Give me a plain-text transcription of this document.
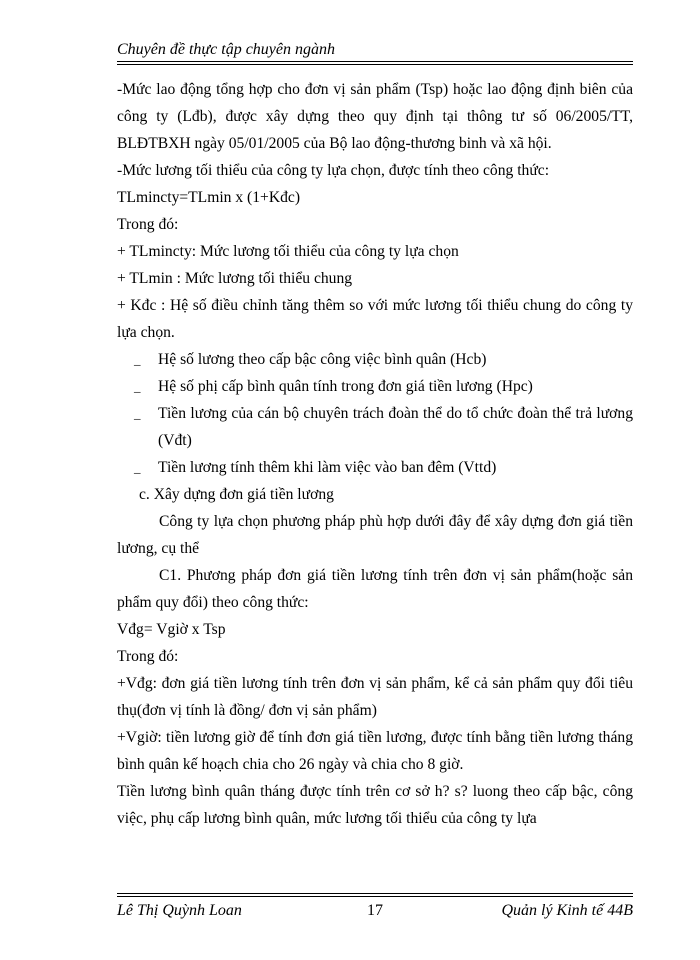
Chuyên đề thực tập chuyên ngành

-Mức lao động tổng hợp cho đơn vị sản phẩm (Tsp) hoặc lao động định biên của công ty (Lđb), được xây dựng theo quy định tại thông tư số 06/2005/TT, BLĐTBXH ngày 05/01/2005 của Bộ lao động-thương binh và xã hội.

-Mức lương tối thiểu của công ty lựa chọn, được tính theo công thức:

TLmincty=TLmin x (1+Kđc)

Trong đó:

+ TLmincty: Mức lương tối thiểu của công ty lựa chọn

+ TLmin : Mức lương tối thiểu chung

+ Kđc : Hệ số điều chỉnh tăng thêm so với mức lương tối thiểu chung do công ty lựa chọn.

_ Hệ số lương theo cấp bậc công việc bình quân (Hcb)
_ Hệ số phị cấp bình quân tính trong đơn giá tiền lương (Hpc)
_ Tiền lương của cán bộ chuyên trách đoàn thể do tổ chức đoàn thể trả lương (Vđt)
_ Tiền lương tính thêm khi làm việc vào ban đêm (Vttd)

c. Xây dựng đơn giá tiền lương

Công ty lựa chọn phương pháp phù hợp dưới đây để xây dựng đơn giá tiền lương, cụ thể

C1. Phương pháp đơn giá tiền lương tính trên đơn vị sản phẩm(hoặc sản phẩm quy đổi) theo công thức:

Vđg= Vgiờ x Tsp

Trong đó:

+Vđg: đơn giá tiền lương tính trên đơn vị sản phẩm, kể cả sản phẩm quy đổi tiêu thụ(đơn vị tính là đồng/ đơn vị sản phẩm)

+Vgiờ: tiền lương giờ để tính đơn giá tiền lương, được tính bằng tiền lương tháng bình quân kế hoạch chia cho 26 ngày và chia cho 8 giờ.

Tiền lương bình quân tháng được tính trên cơ sở h? s? luong theo cấp bậc, công việc, phụ cấp lương bình quân, mức lương tối thiểu của công ty lựa

Lê Thị Quỳnh Loan	17	Quản lý Kinh tế 44B
